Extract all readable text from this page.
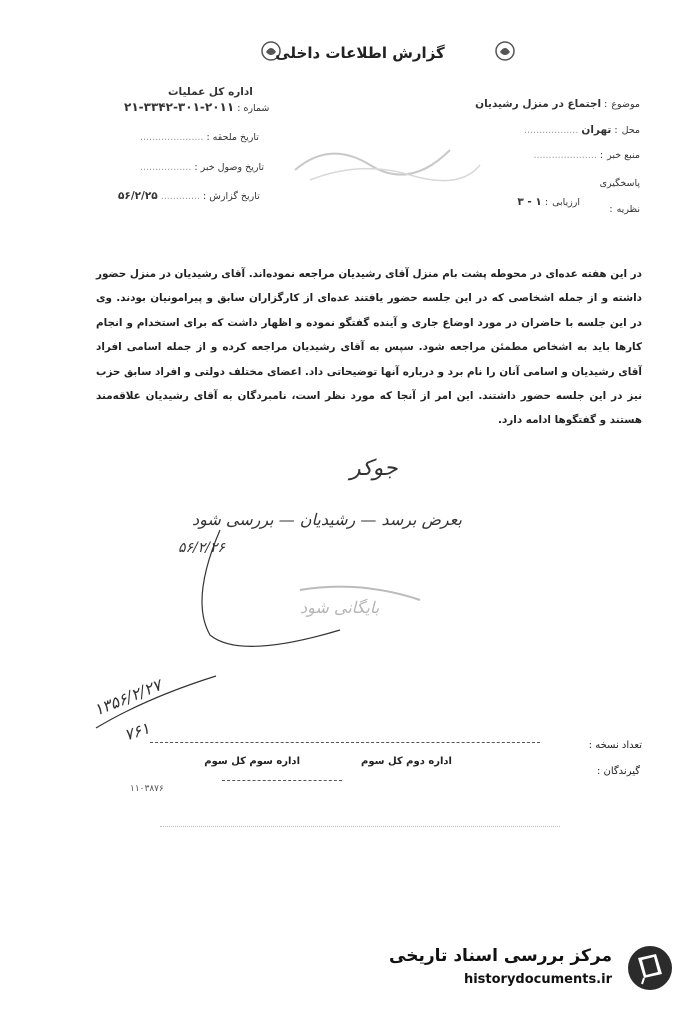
گزارش اطلاعات داخلی
اداره کل عملیات
شماره : ۲۰۱۱-۳۰۱-۳۳۴۲-۲۱
تاریخ ملحقه : .....................
تاریخ وصول خبر : .................
تاریخ گزارش : ............. ۵۶/۲/۲۵
موضوع: اجتماع در منزل رشیدیان
محل: تهران ..................
منبع خبر: .....................
پاسخگیری
ارزیابی: ۱ - ۳
نظریه:
در این هفته عده‌ای در محوطه پشت بام منزل آقای رشیدیان مراجعه نموده‌اند. آقای رشیدیان در منزل حضور داشته و از جمله اشخاصی که در این جلسه حضور یافتند عده‌ای از کارگزاران سابق و پیرامونیان بودند. وی در این جلسه با حاضران در مورد اوضاع جاری و آینده گفتگو نموده و اظهار داشت که برای استخدام و انجام کارها باید به اشخاص مطمئن مراجعه شود. سپس به آقای رشیدیان مراجعه کرده و از جمله اسامی افراد آقای رشیدیان و اسامی آنان را نام برد و درباره آنها توضیحاتی داد. اعضای مختلف دولتی و افراد سابق حزب نیز در این جلسه حضور داشتند. این امر از آنجا که مورد نظر است، نامبردگان به آقای رشیدیان علاقه‌مند هستند و گفتگوها ادامه دارد.
جوکر
بعرض برسد — رشیدیان — بررسی شود
۵۶/۲/۲۶
بایگانی شود
۱۳۵۶/۲/۲۷
۷۶۱
اداره سوم کل سوم	اداره دوم کل سوم
تعداد نسخه :
گیرندگان :
۱۱۰۳۸۷۶
مرکز بررسی اسناد تاریخی
historydocuments.ir
